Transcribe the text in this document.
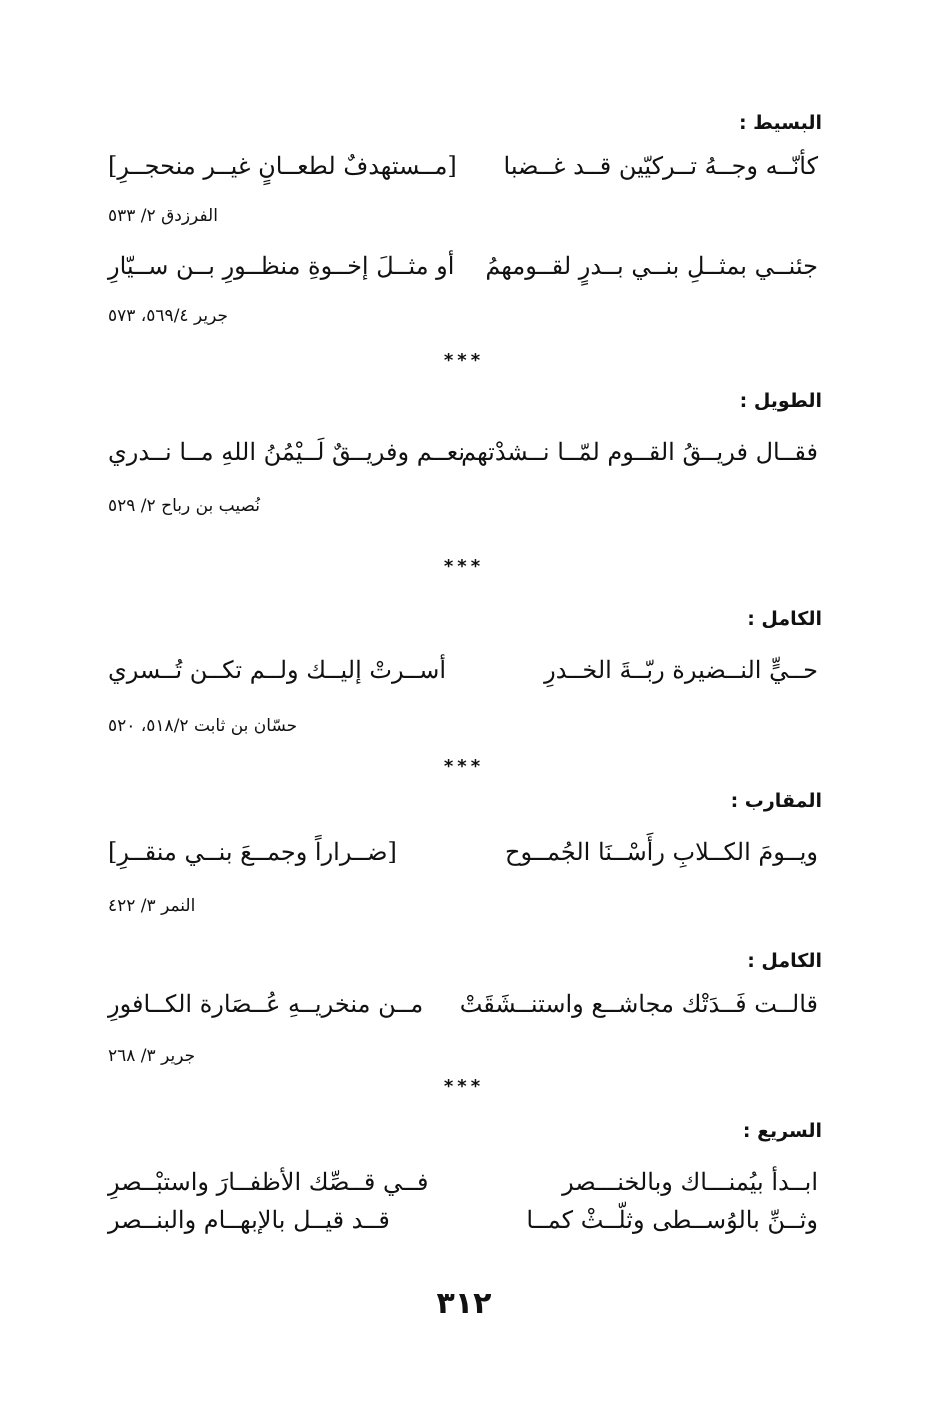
البسيط :
كأنّــه وجــهُ تــركيّين قــد غــضبا
[مــستهدفٌ لطعــانٍ غيــر منحجــرِ]
الفرزدق ٢/ ٥٣٣
جئنــي بمثــلِ بنــي بــدرٍ لقــومهمُ
أو مثــلَ إخــوةِ منظــورِ بــن ســيّارِ
جرير ٥٦٩/٤، ٥٧٣
***
الطويل :
فقــال فريــقُ القــوم لمّــا نــشدْتهم
نعــم وفريــقٌ لَــيْمُنُ اللهِ مــا نــدري
نُصيب بن رباح ٢/ ٥٢٩
***
الكامل :
حــيٍّ النــضيرة ربّــةَ الخــدرِ
أســرتْ إليــك ولــم تكــن تُــسري
حسّان بن ثابت ٥١٨/٢، ٥٢٠
***
المقارب :
ويــومَ الكــلابِ رأَسْــنَا الجُمــوح
[ضــراراً وجمــعَ بنــي منقــرِ]
النمر ٣/ ٤٢٢
الكامل :
قالــت فَــدَتْك مجاشــع واستنــشَقَتْ
مــن منخريــهِ عُــصَارة الكــافورِ
جرير ٣/ ٢٦٨
***
السريع :
ابــدأ بيُمنـــاك وبالخنـــصر
فــي قــصِّك الأظفــارَ واستبْــصرِ
وثــنِّ بالوُســطى وثلّــثْ كمــا
قــد قيــل بالإبهــام والبنــصر
٣١٢
